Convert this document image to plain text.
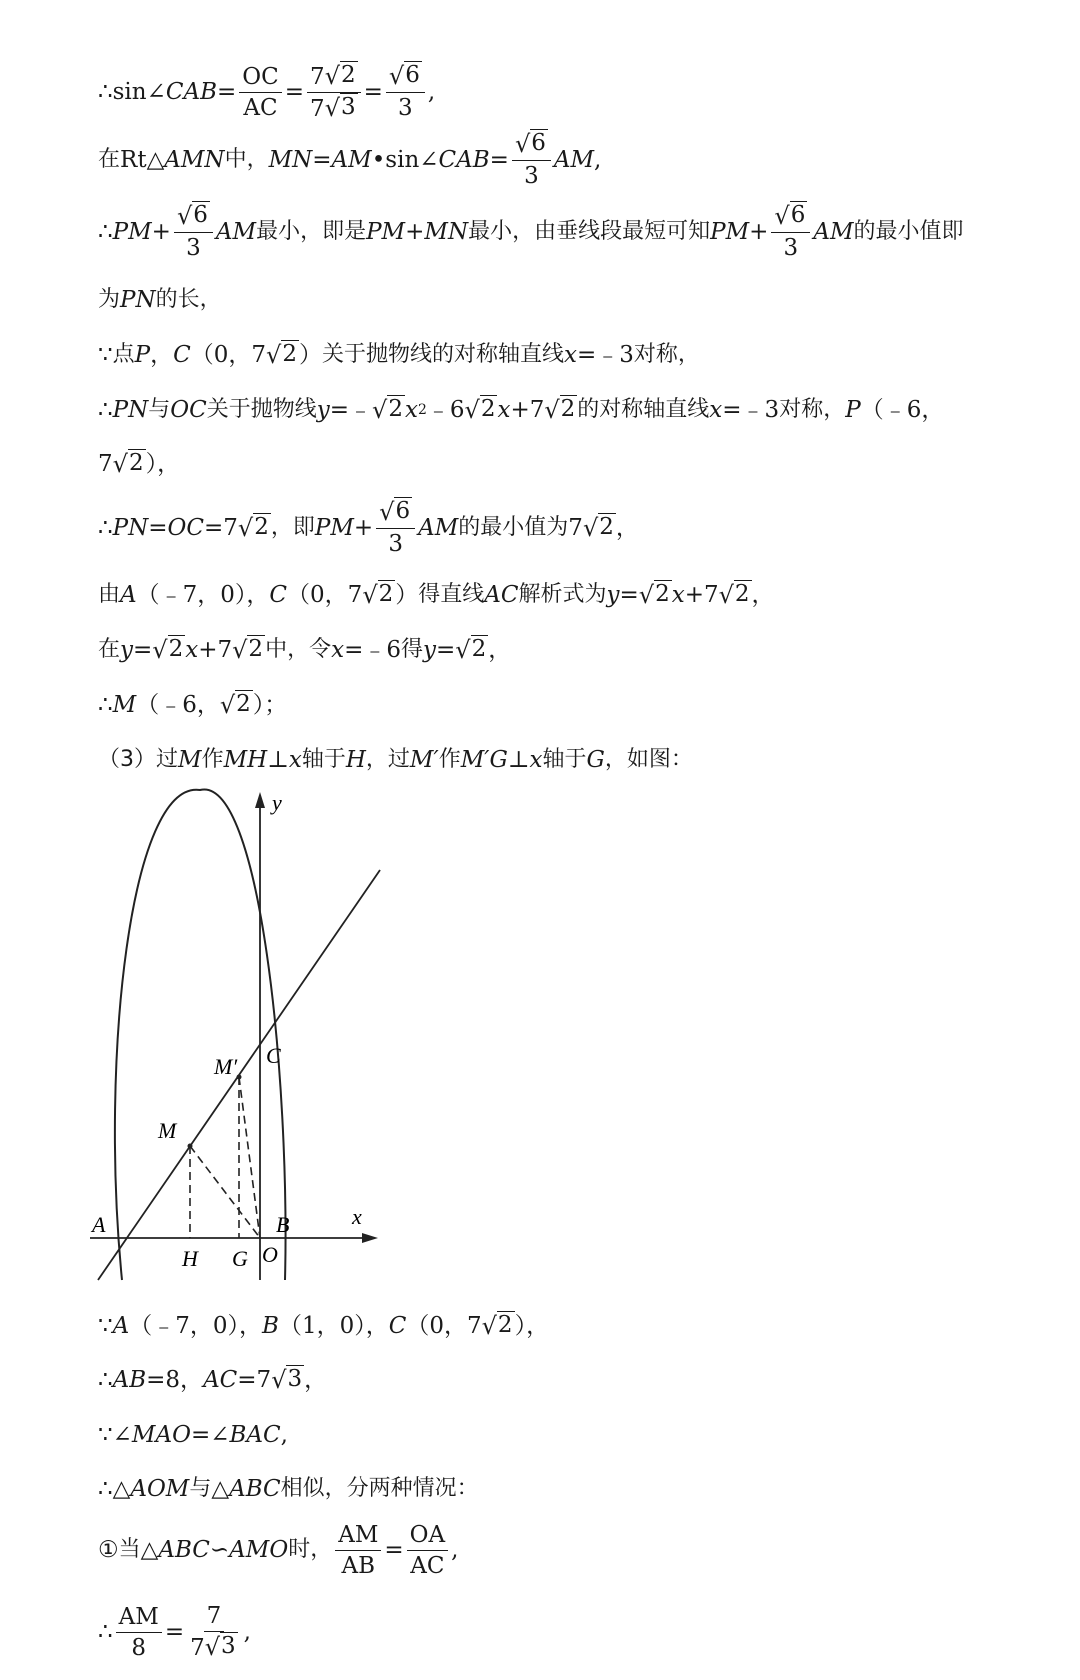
∴sin∠ CAB = $\frac{OC}{AC} = \frac{7 √ 2}{7 √ 3} = \frac{√ 6}{3}$ ,
在 Rt△ AMN 中， MN = AM •sin∠ CAB = $\frac{√ 6}{3}$ AM ,
∴ PM + $\frac{√ 6}{3}$ AM 最小，即是 PM + MN 最小，由垂线段最短可知 PM + $\frac{√ 6}{3}$ AM 的最小值即
为 PN 的长，
∵ 点 P ， C （0，7 √ 2 ） 关于抛物线的对称轴直线 x =﹣3 对称，
∴ PN 与 OC 关于抛物线 y =﹣ √ 2 x 2 ﹣6 √ 2 x +7 √ 2 的对称轴直线 x =﹣3 对称， P （﹣6，
7 √ 2 ），
∴ PN = OC =7 √ 2 ，即 PM + $\frac{√ 6}{3}$ AM 的最小值为 7 √ 2 ，
由 A （﹣7，0）， C （0，7 √ 2 ） 得直线 AC 解析式为 y = √ 2 x +7 √ 2 ，
在 y = √ 2 x +7 √ 2 中，令 x =﹣6 得 y = √ 2 ，
∴ M （﹣6， √ 2 ）；
（3）过 M 作 MH ⊥ x 轴于 H ，过 M′ 作 M′G ⊥ x 轴于 G ，如图：
y
x
C
M′
M
A	B
H G O
∵ A （﹣7，0）， B （1，0）， C （0，7 √ 2 ），
∴ AB =8， AC =7 √ 3 ，
∵∠ MAO =∠ BAC ,
∴△ AOM 与 △ ABC 相似，分两种情况：
① 当 △ ABC ∽ AMO 时， $\frac{AM}{AB} = \frac{OA}{AC}$ ,
∴ $\frac{AM}{8} = \frac{7}{7 √ 3}$ ,
